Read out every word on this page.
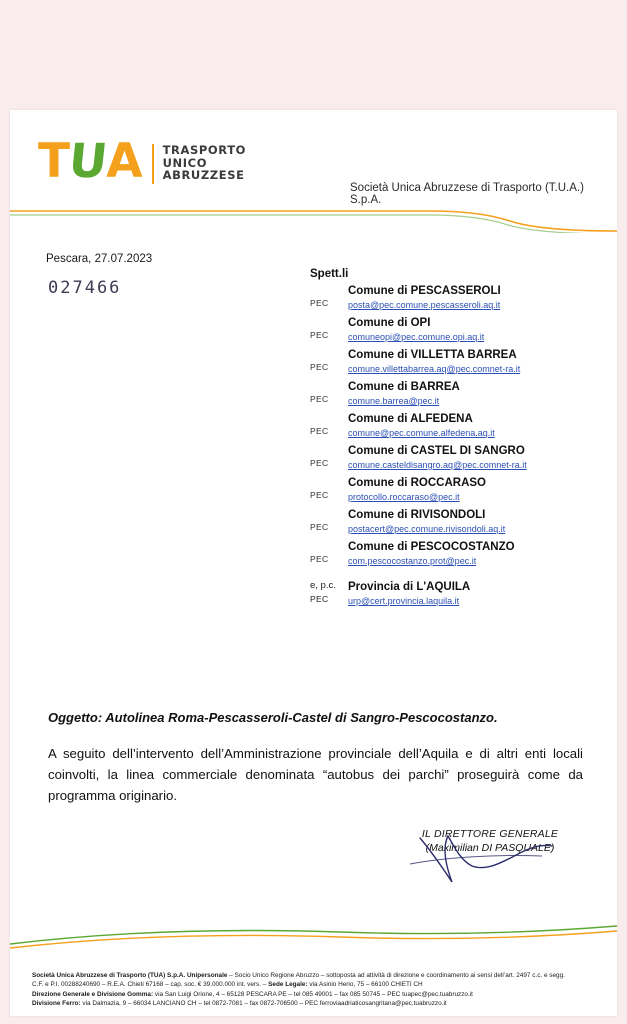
TUA TRASPORTO
UNICO
ABRUZZESE
Società Unica Abruzzese di Trasporto (T.U.A.) S.p.A.
Pescara, 27.07.2023
027466
Spett.li
PEC
Comune di PESCASSEROLI
posta@pec.comune.pescasseroli.aq.it
PEC
Comune di OPI
comuneopi@pec.comune.opi.aq.it
PEC
Comune di VILLETTA BARREA
comune.villettabarrea.aq@pec.comnet-ra.it
PEC
Comune di BARREA
comune.barrea@pec.it
PEC
Comune di ALFEDENA
comune@pec.comune.alfedena.aq.it
PEC
Comune di CASTEL DI SANGRO
comune.casteldisangro.aq@pec.comnet-ra.it
PEC
Comune di ROCCARASO
protocollo.roccaraso@pec.it
PEC
Comune di RIVISONDOLI
postacert@pec.comune.rivisondoli.aq.it
PEC
Comune di PESCOCOSTANZO
com.pescocostanzo.prot@pec.it
e, p.c.
PEC
Provincia di L'AQUILA
urp@cert.provincia.laquila.it
Oggetto: Autolinea Roma-Pescasseroli-Castel di Sangro-Pescocostanzo.
A seguito dell’intervento dell’Amministrazione provinciale dell’Aquila e di altri enti locali coinvolti, la linea commerciale denominata “autobus dei parchi” proseguirà come da programma originario.
IL DIRETTORE GENERALE
(Maximilian DI PASQUALE)
Società Unica Abruzzese di Trasporto (TUA) S.p.A. Unipersonale – Socio Unico Regione Abruzzo – sottoposta ad attività di direzione e coordinamento ai sensi dell’art. 2497 c.c. e segg.
C.F. e P.I. 00288240690 – R.E.A. Chieti 67168 – cap. soc. € 39.000.000 int. vers. – Sede Legale: via Asinio Herio, 75 – 66100 CHIETI CH
Direzione Generale e Divisione Gomma: via San Luigi Orione, 4 – 65128 PESCARA PE – tel 085 49001 – fax 085 50745 – PEC tuapec@pec.tuabruzzo.it
Divisione Ferro: via Dalmazia, 9 – 66034 LANCIANO CH – tel 0872-7081 – fax 0872-706500 – PEC ferroviaadriaticosangritana@pec.tuabruzzo.it
